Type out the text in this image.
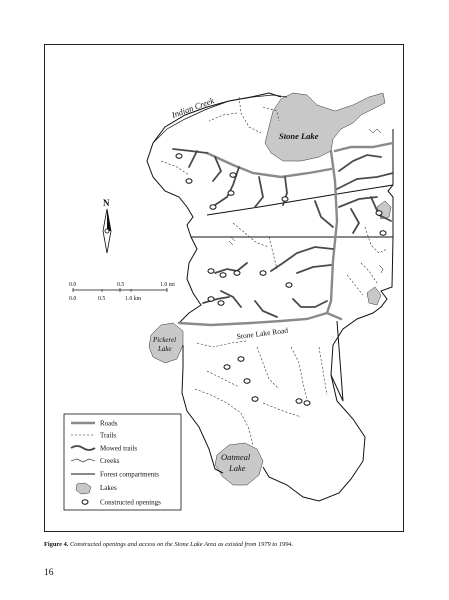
Indian Creek
Stone Lake
Pickerel
Lake
Stone Lake Road
Oatmeal
Lake
N
0.0	0.5	1.0 mi
0.0	0.5	1.0 km
Roads
Trails
Mowed trails
Creeks
Forest compartments
Lakes
Constructed openings
Figure 4. Constructed openings and access on the Stone Lake Area as existed from 1979 to 1994.
16
